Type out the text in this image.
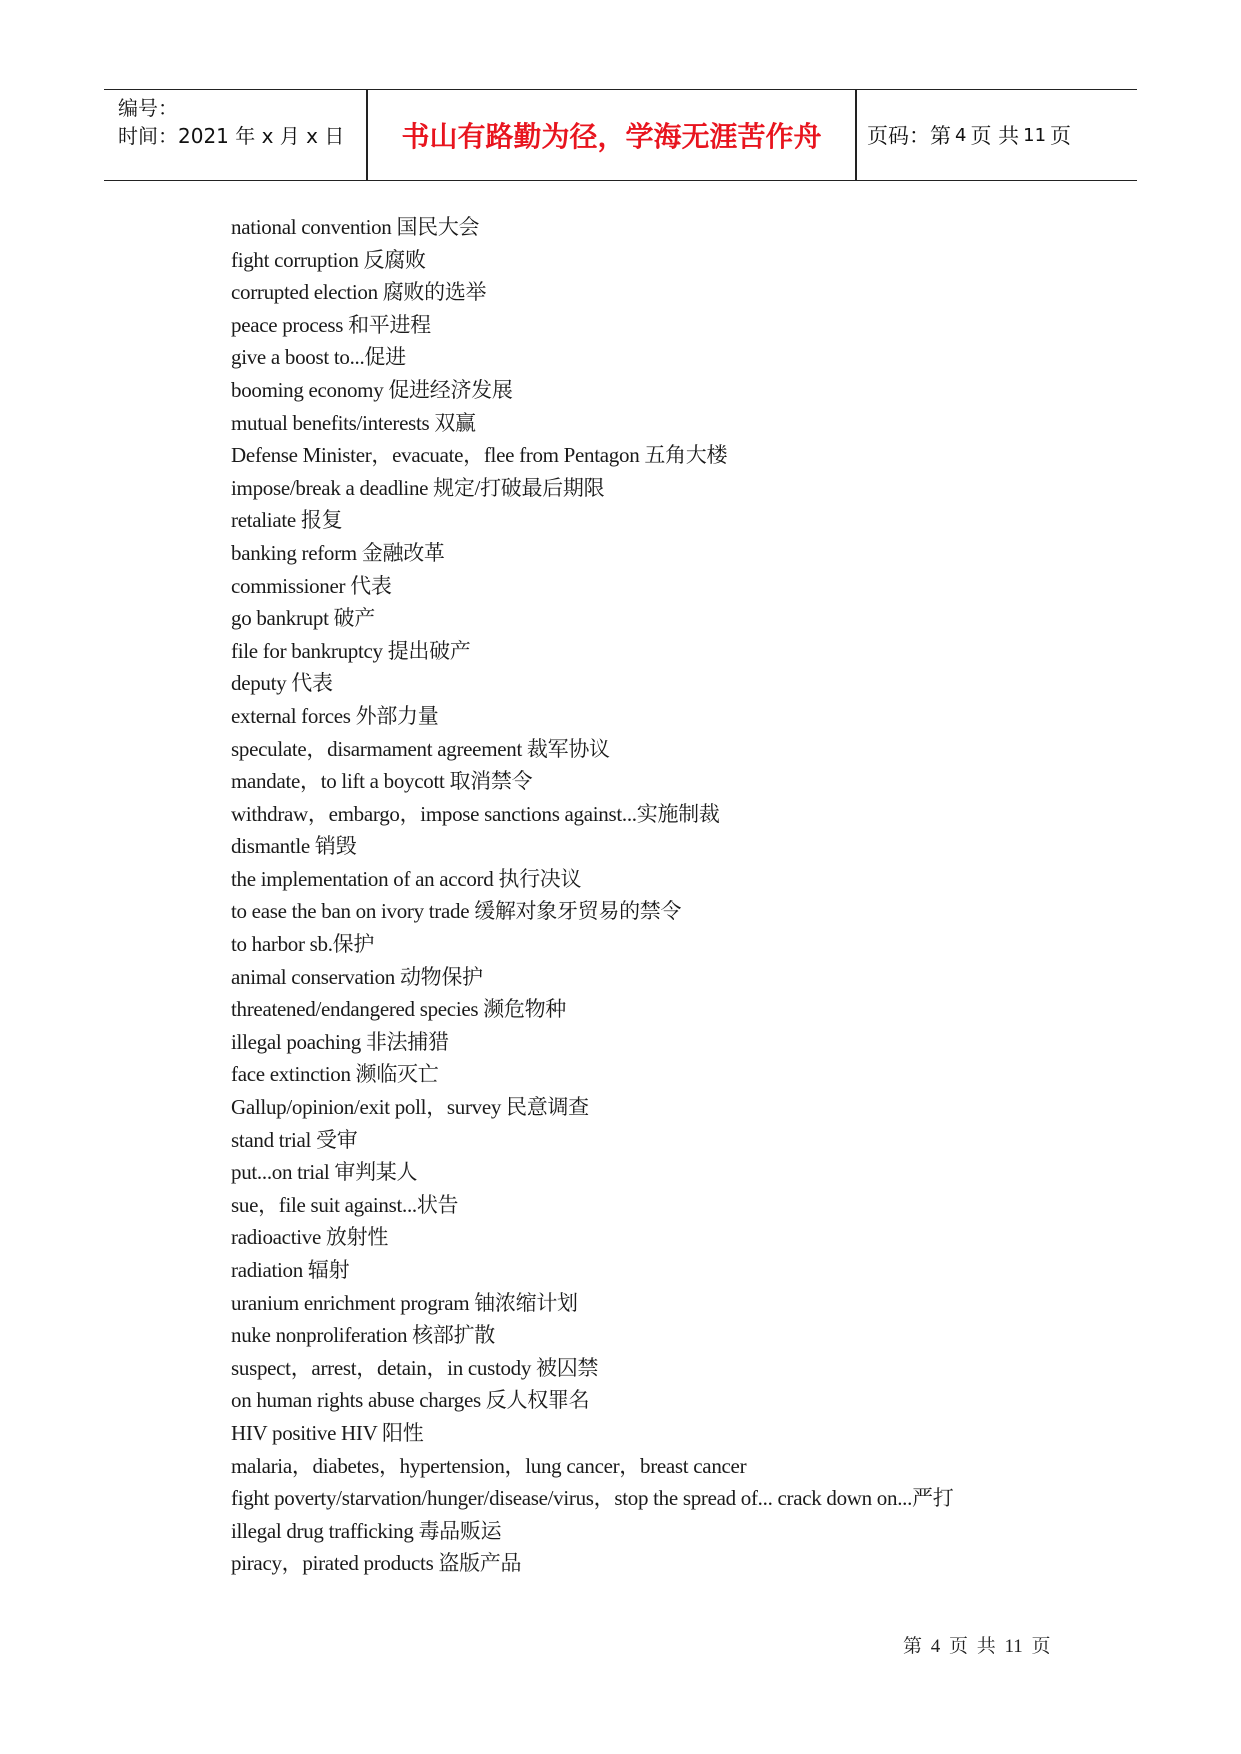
编号：
时间：2021 年 x 月 x 日	书山有路勤为径，学海无涯苦作舟	页码：第 4 页 共 11 页
national convention 国民大会
fight corruption 反腐败
corrupted election 腐败的选举
peace process 和平进程
give a boost to...促进
booming economy 促进经济发展
mutual benefits/interests 双赢
Defense Minister，evacuate，flee from Pentagon 五角大楼
impose/break a deadline 规定/打破最后期限
retaliate 报复
banking reform 金融改革
commissioner 代表
go bankrupt 破产
file for bankruptcy 提出破产
deputy 代表
external forces 外部力量
speculate，disarmament agreement 裁军协议
mandate，to lift a boycott 取消禁令
withdraw，embargo，impose sanctions against...实施制裁
dismantle 销毁
the implementation of an accord 执行决议
to ease the ban on ivory trade 缓解对象牙贸易的禁令
to harbor sb.保护
animal conservation 动物保护
threatened/endangered species 濒危物种
illegal poaching 非法捕猎
face extinction 濒临灭亡
Gallup/opinion/exit poll，survey 民意调查
stand trial 受审
put...on trial 审判某人
sue，file suit against...状告
radioactive 放射性
radiation 辐射
uranium enrichment program 铀浓缩计划
nuke nonproliferation 核部扩散
suspect，arrest，detain，in custody 被囚禁
on human rights abuse charges 反人权罪名
HIV positive HIV 阳性
malaria，diabetes，hypertension，lung cancer，breast cancer
fight poverty/starvation/hunger/disease/virus，stop the spread of... crack down on...严打
illegal drug trafficking 毒品贩运
piracy，pirated products 盗版产品
第 4 页 共 11 页
